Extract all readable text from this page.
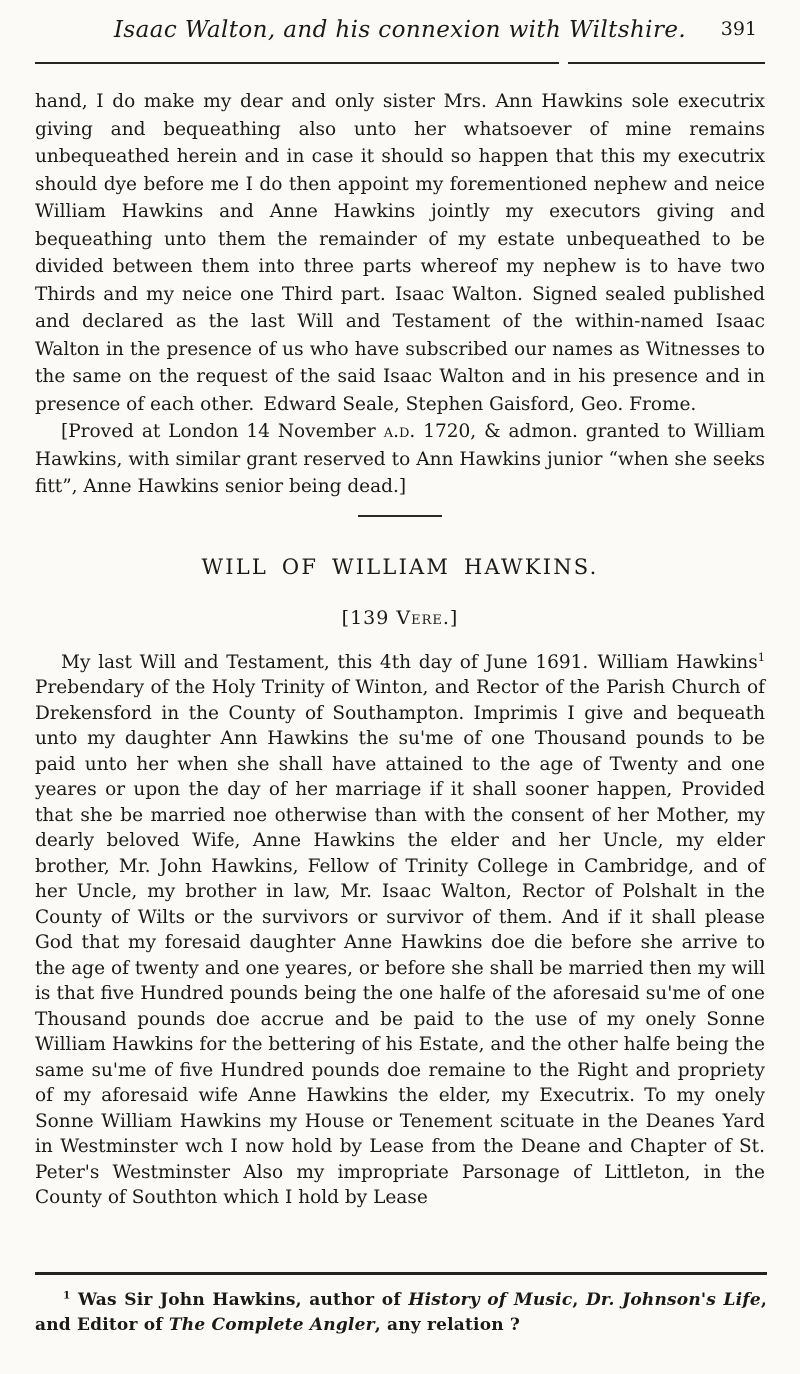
Isaac Walton, and his connexion with Wiltshire.	391

hand, I do make my dear and only sister Mrs. Ann Hawkins sole executrix giving and bequeathing also unto her whatsoever of mine remains unbequeathed herein and in case it should so happen that this my executrix should dye before me I do then appoint my forementioned nephew and neice William Hawkins and Anne Hawkins jointly my executors giving and bequeathing unto them the remainder of my estate unbequeathed to be divided between them into three parts whereof my nephew is to have two Thirds and my neice one Third part. Isaac Walton. Signed sealed published and declared as the last Will and Testament of the within-named Isaac Walton in the presence of us who have subscribed our names as Witnesses to the same on the request of the said Isaac Walton and in his presence and in presence of each other. Edward Seale, Stephen Gaisford, Geo. Frome.

[Proved at London 14 November a.d. 1720, & admon. granted to William Hawkins, with similar grant reserved to Ann Hawkins junior “when she seeks fitt”, Anne Hawkins senior being dead.]

WILL OF WILLIAM HAWKINS.
[139 Vere.]

My last Will and Testament, this 4th day of June 1691. William Hawkins$^1$ Prebendary of the Holy Trinity of Winton, and Rector of the Parish Church of Drekensford in the County of Southampton. Imprimis I give and bequeath unto my daughter Ann Hawkins the su'me of one Thousand pounds to be paid unto her when she shall have attained to the age of Twenty and one yeares or upon the day of her marriage if it shall sooner happen, Provided that she be married noe otherwise than with the consent of her Mother, my dearly beloved Wife, Anne Hawkins the elder and her Uncle, my elder brother, Mr. John Hawkins, Fellow of Trinity College in Cambridge, and of her Uncle, my brother in law, Mr. Isaac Walton, Rector of Polshalt in the County of Wilts or the survivors or survivor of them. And if it shall please God that my foresaid daughter Anne Hawkins doe die before she arrive to the age of twenty and one yeares, or before she shall be married then my will is that five Hundred pounds being the one halfe of the aforesaid su'me of one Thousand pounds doe accrue and be paid to the use of my onely Sonne William Hawkins for the bettering of his Estate, and the other halfe being the same su'me of five Hundred pounds doe remaine to the Right and propriety of my aforesaid wife Anne Hawkins the elder, my Executrix. To my onely Sonne William Hawkins my House or Tenement scituate in the Deanes Yard in Westminster wch I now hold by Lease from the Deane and Chapter of St. Peter's Westminster Also my impropriate Parsonage of Littleton, in the County of Southton which I hold by Lease

$^1$ Was Sir John Hawkins, author of History of Music, Dr. Johnson's Life, and Editor of The Complete Angler, any relation ?
